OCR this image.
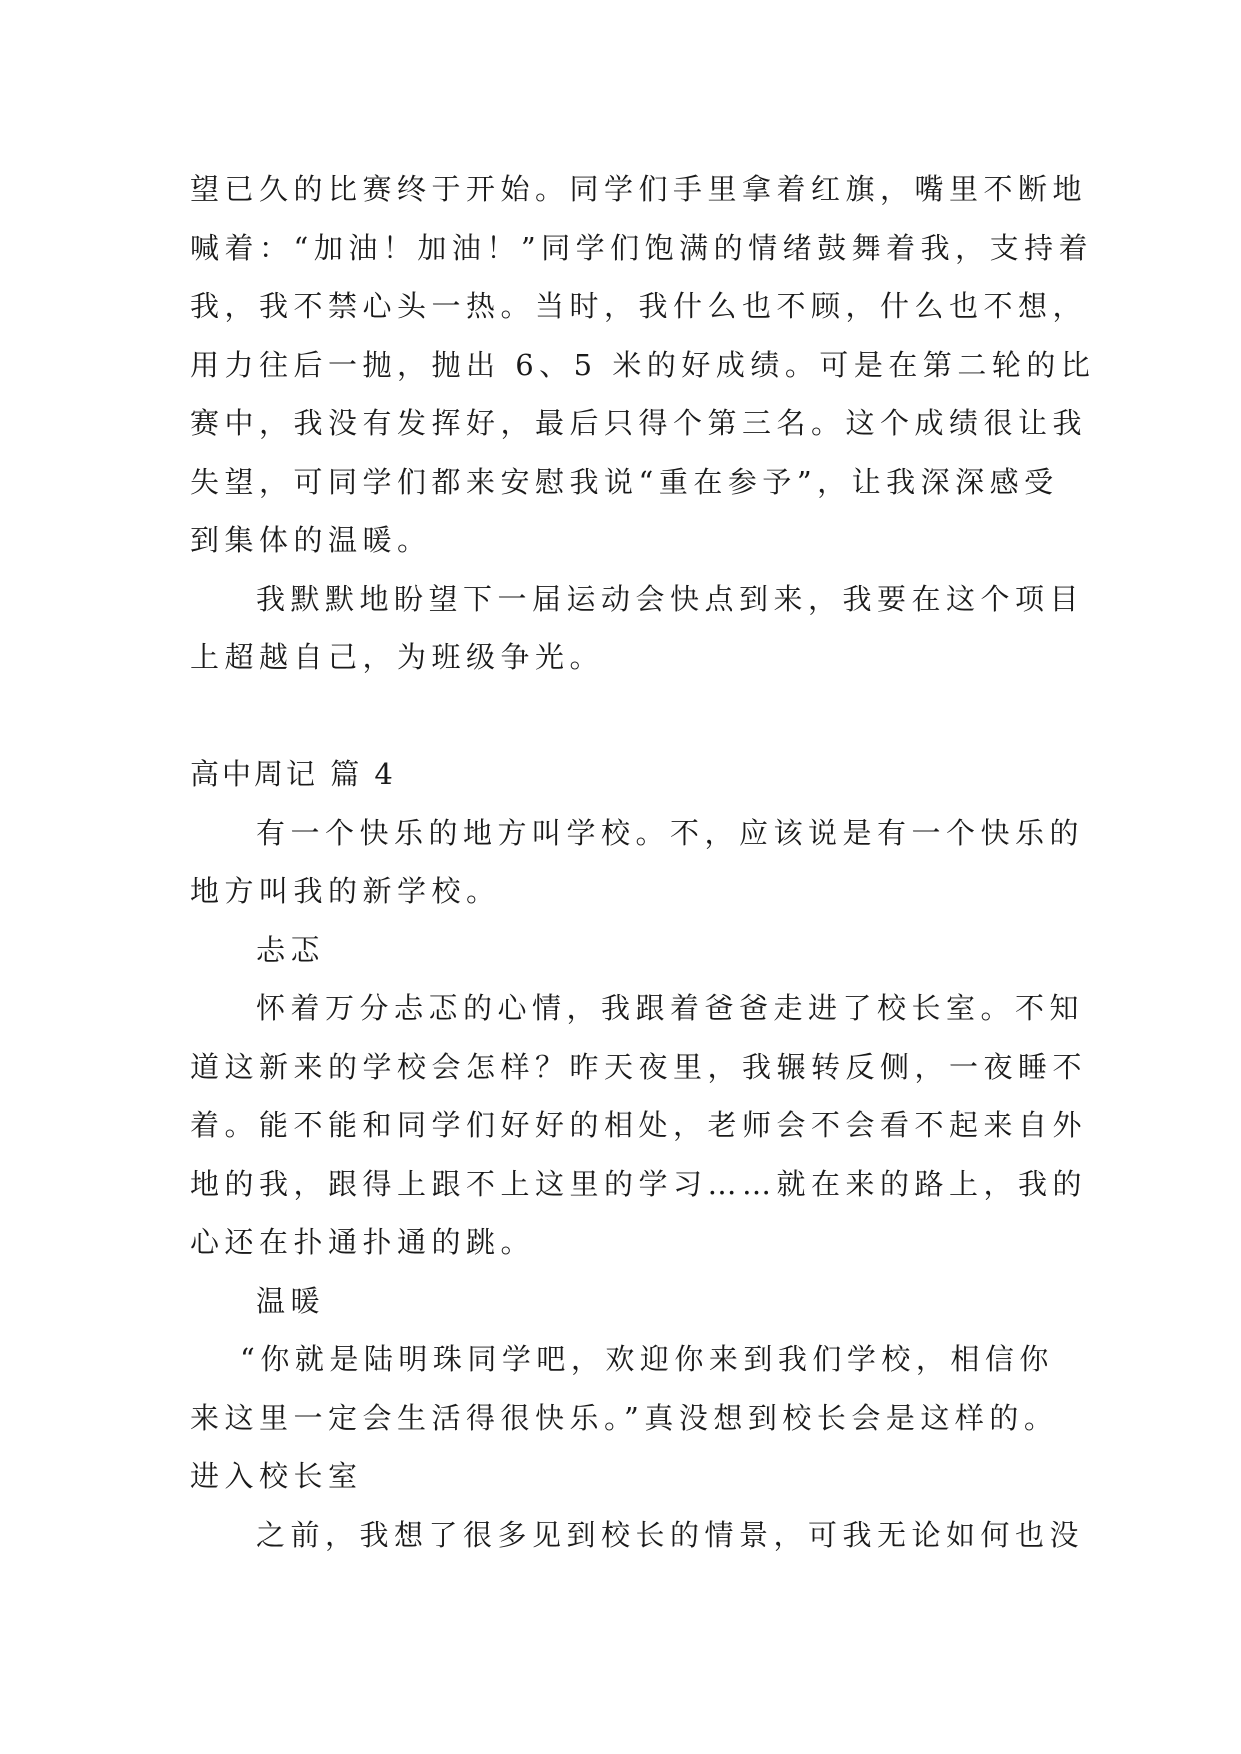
望已久的比赛终于开始。同学们手里拿着红旗，嘴里不断地
喊着：“加油！加油！”同学们饱满的情绪鼓舞着我，支持着
我，我不禁心头一热。当时，我什么也不顾，什么也不想，
用力往后一抛，抛出 6、5 米的好成绩。可是在第二轮的比
赛中，我没有发挥好，最后只得个第三名。这个成绩很让我
失望，可同学们都来安慰我说“重在参予”，让我深深感受
到集体的温暖。
我默默地盼望下一届运动会快点到来，我要在这个项目
上超越自己，为班级争光。
高中周记 篇 4
有一个快乐的地方叫学校。不，应该说是有一个快乐的
地方叫我的新学校。
忐忑
怀着万分忐忑的心情，我跟着爸爸走进了校长室。不知
道这新来的学校会怎样？昨天夜里，我辗转反侧，一夜睡不
着。能不能和同学们好好的相处，老师会不会看不起来自外
地的我，跟得上跟不上这里的学习……就在来的路上，我的
心还在扑通扑通的跳。
温暖
“你就是陆明珠同学吧，欢迎你来到我们学校，相信你
来这里一定会生活得很快乐。”真没想到校长会是这样的。
进入校长室
之前，我想了很多见到校长的情景，可我无论如何也没
